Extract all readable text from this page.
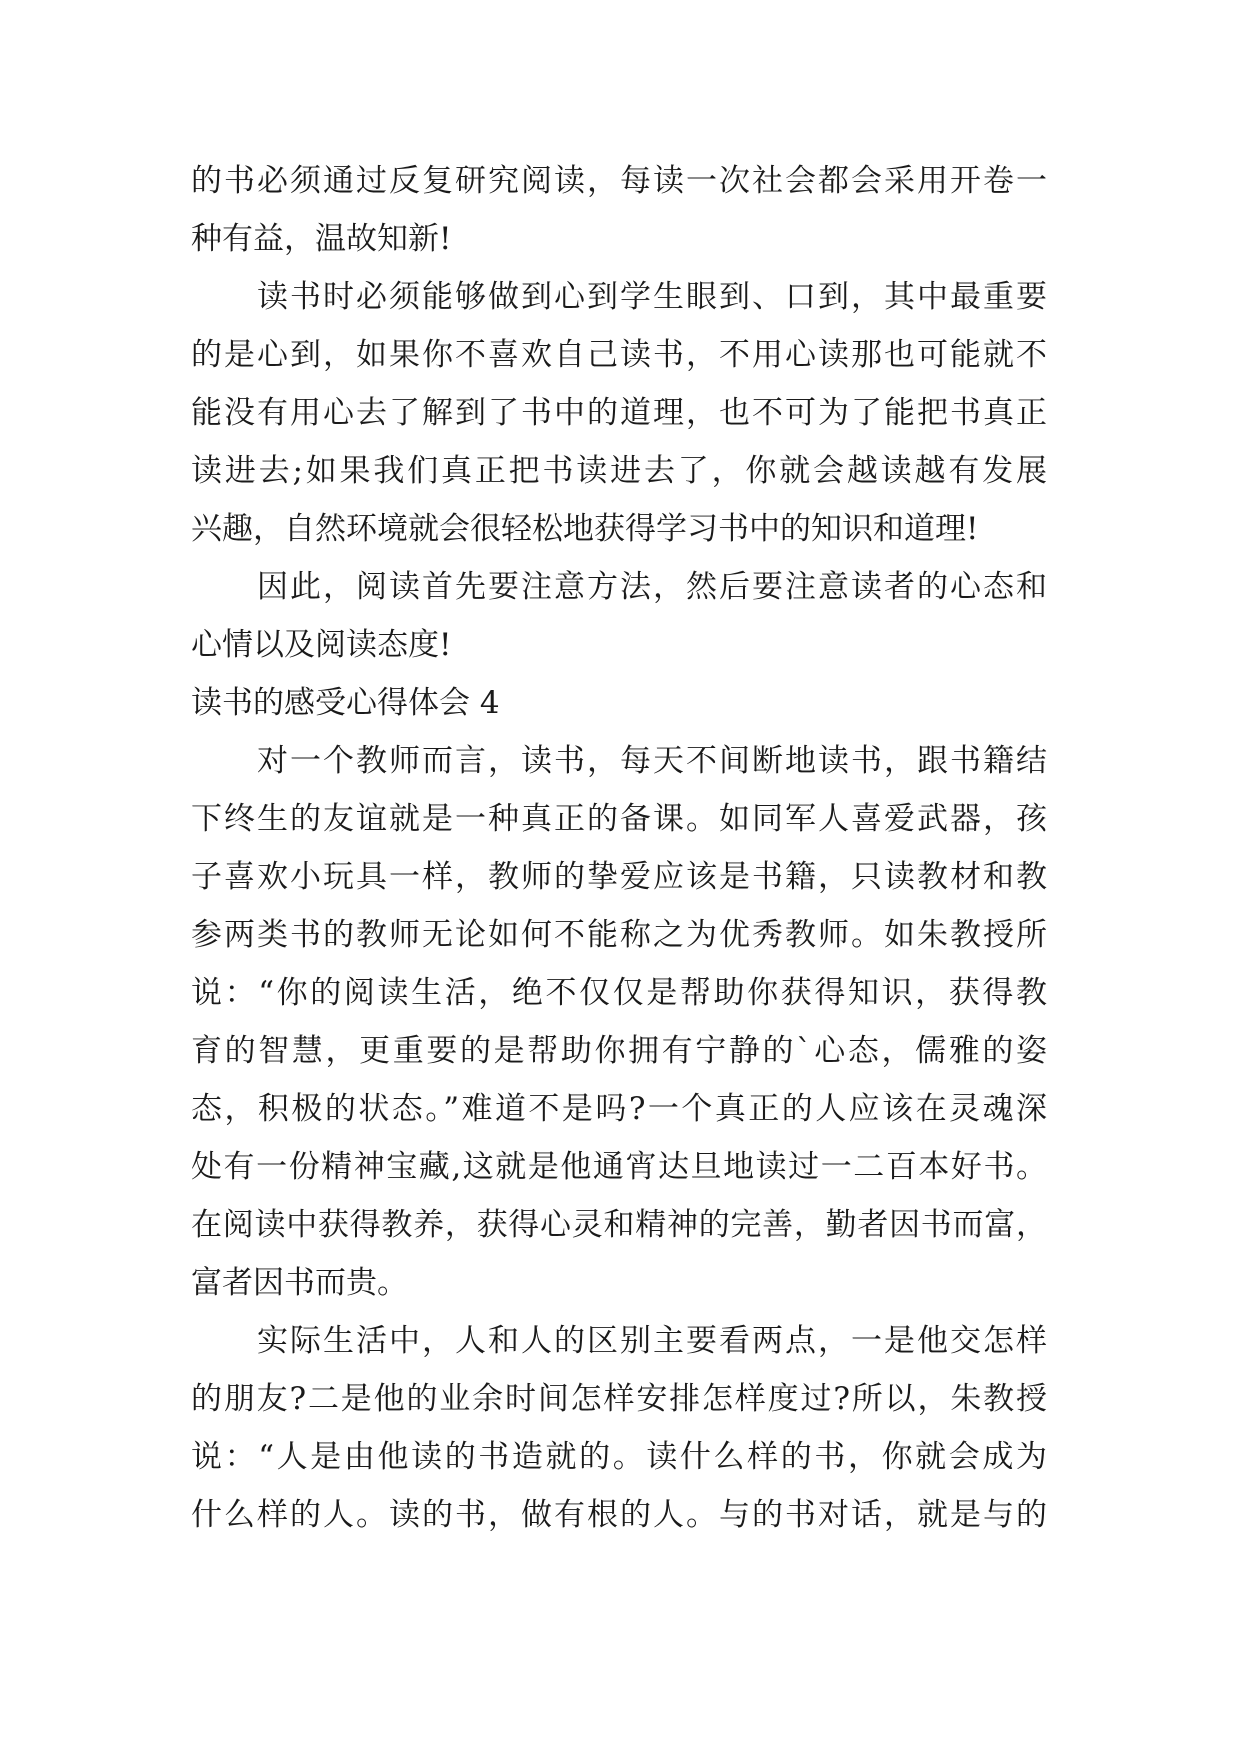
的书必须通过反复研究阅读，每读一次社会都会采用开卷一
种有益，温故知新!
读书时必须能够做到心到学生眼到、口到，其中最重要
的是心到，如果你不喜欢自己读书，不用心读那也可能就不
能没有用心去了解到了书中的道理，也不可为了能把书真正
读进去;如果我们真正把书读进去了，你就会越读越有发展
兴趣，自然环境就会很轻松地获得学习书中的知识和道理!
因此，阅读首先要注意方法，然后要注意读者的心态和
心情以及阅读态度!
读书的感受心得体会 4
对一个教师而言，读书，每天不间断地读书，跟书籍结
下终生的友谊就是一种真正的备课。如同军人喜爱武器，孩
子喜欢小玩具一样，教师的挚爱应该是书籍，只读教材和教
参两类书的教师无论如何不能称之为优秀教师。如朱教授所
说：“你的阅读生活，绝不仅仅是帮助你获得知识，获得教
育的智慧，更重要的是帮助你拥有宁静的`心态，儒雅的姿
态，积极的状态。”难道不是吗?一个真正的人应该在灵魂深
处有一份精神宝藏,这就是他通宵达旦地读过一二百本好书。
在阅读中获得教养，获得心灵和精神的完善，勤者因书而富，
富者因书而贵。
实际生活中，人和人的区别主要看两点，一是他交怎样
的朋友?二是他的业余时间怎样安排怎样度过?所以，朱教授
说：“人是由他读的书造就的。读什么样的书，你就会成为
什么样的人。读的书，做有根的人。与的书对话，就是与的
